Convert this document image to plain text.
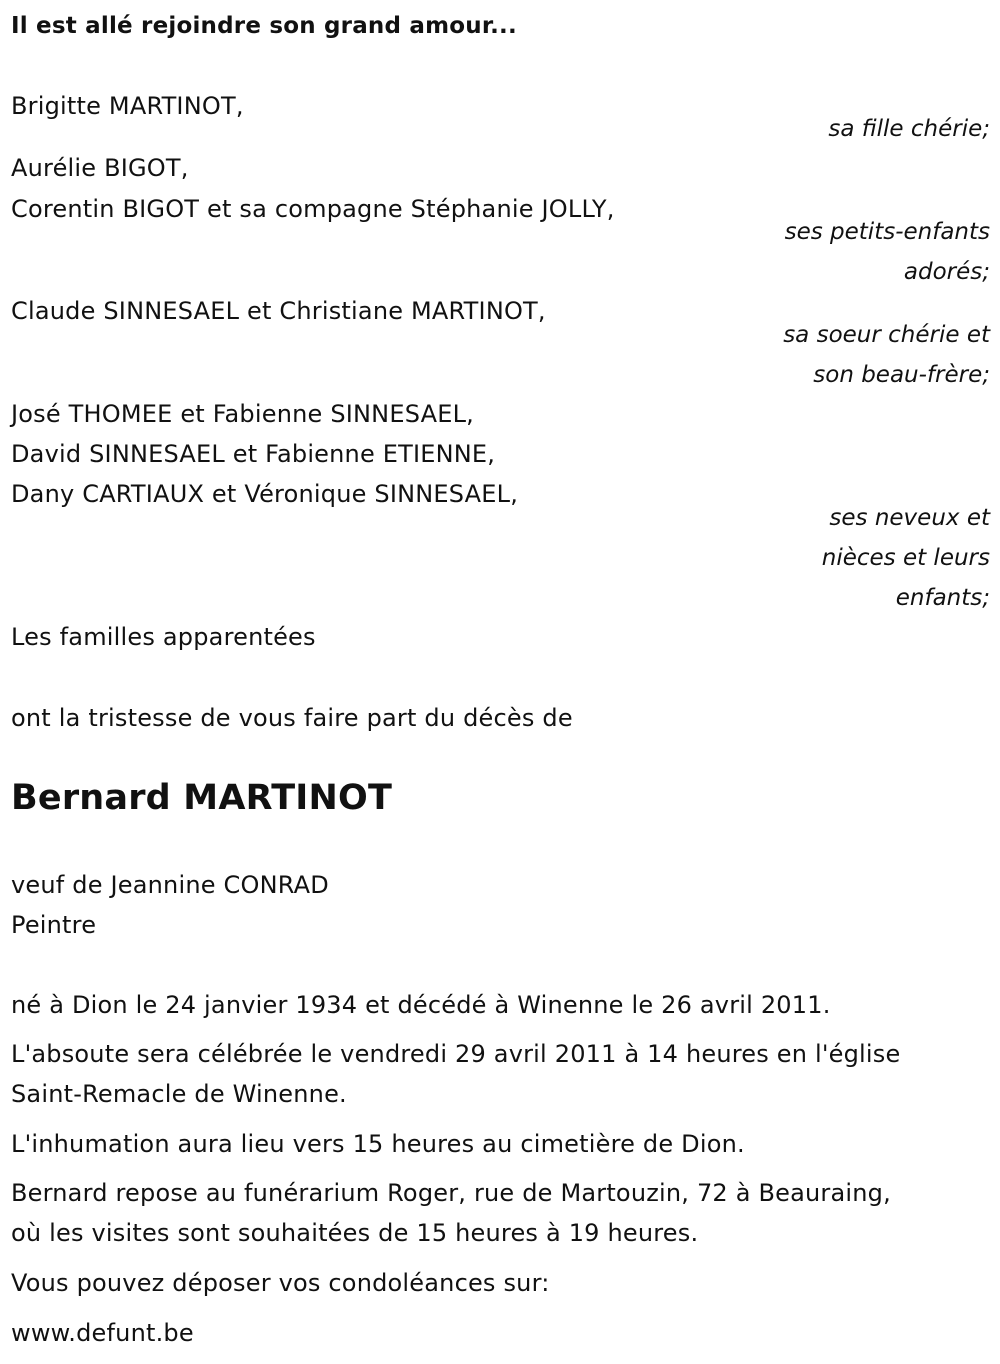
Il est allé rejoindre son grand amour...
Brigitte MARTINOT,
sa fille chérie;
Aurélie BIGOT,
Corentin BIGOT et sa compagne Stéphanie JOLLY,
ses petits-enfants
adorés;
Claude SINNESAEL et Christiane MARTINOT,
sa soeur chérie et
son beau-frère;
José THOMEE et Fabienne SINNESAEL,
David SINNESAEL et Fabienne ETIENNE,
Dany CARTIAUX et Véronique SINNESAEL,
ses neveux et
nièces et leurs
enfants;
Les familles apparentées
ont la tristesse de vous faire part du décès de
Bernard MARTINOT
veuf de Jeannine CONRAD
Peintre
né à Dion le 24 janvier 1934 et décédé à Winenne le 26 avril 2011.
L'absoute sera célébrée le vendredi 29 avril 2011 à 14 heures en l'église
Saint-Remacle de Winenne.
L'inhumation aura lieu vers 15 heures au cimetière de Dion.
Bernard repose au funérarium Roger, rue de Martouzin, 72 à Beauraing,
où les visites sont souhaitées de 15 heures à 19 heures.
Vous pouvez déposer vos condoléances sur:
www.defunt.be
